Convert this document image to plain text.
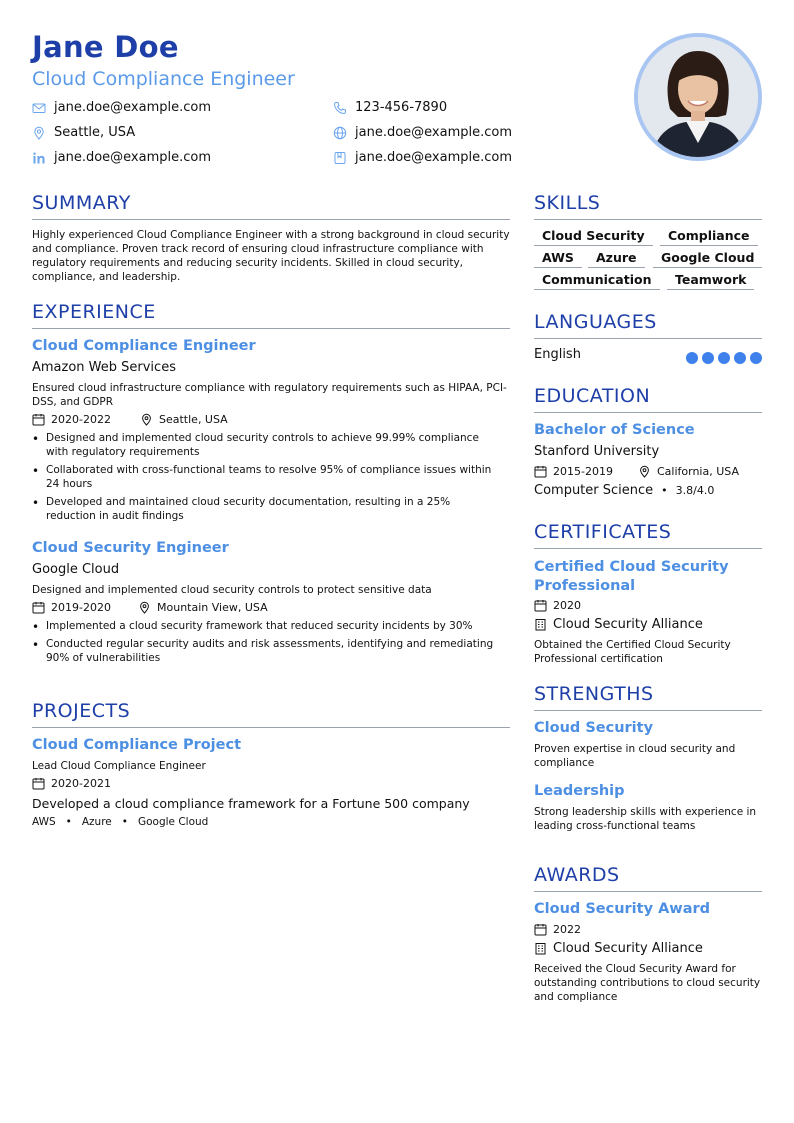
Jane Doe
Cloud Compliance Engineer
jane.doe@example.com	123-456-7890
Seattle, USA	jane.doe@example.com
jane.doe@example.com	jane.doe@example.com
SUMMARY
Highly experienced Cloud Compliance Engineer with a strong background in cloud security and compliance. Proven track record of ensuring cloud infrastructure compliance with regulatory requirements and reducing security incidents. Skilled in cloud security, compliance, and leadership.
EXPERIENCE
Cloud Compliance Engineer
Amazon Web Services
Ensured cloud infrastructure compliance with regulatory requirements such as HIPAA, PCI-DSS, and GDPR
2020-2022	Seattle, USA
• Designed and implemented cloud security controls to achieve 99.99% compliance with regulatory requirements
• Collaborated with cross-functional teams to resolve 95% of compliance issues within 24 hours
• Developed and maintained cloud security documentation, resulting in a 25% reduction in audit findings
Cloud Security Engineer
Google Cloud
Designed and implemented cloud security controls to protect sensitive data
2019-2020	Mountain View, USA
• Implemented a cloud security framework that reduced security incidents by 30%
• Conducted regular security audits and risk assessments, identifying and remediating 90% of vulnerabilities
PROJECTS
Cloud Compliance Project
Lead Cloud Compliance Engineer
2020-2021
Developed a cloud compliance framework for a Fortune 500 company
AWS • Azure • Google Cloud
SKILLS
Cloud Security	Compliance
AWS	Azure	Google Cloud
Communication	Teamwork
LANGUAGES
English
EDUCATION
Bachelor of Science
Stanford University
2015-2019	California, USA
Computer Science • 3.8/4.0
CERTIFICATES
Certified Cloud Security Professional
2020
Cloud Security Alliance
Obtained the Certified Cloud Security Professional certification
STRENGTHS
Cloud Security
Proven expertise in cloud security and compliance
Leadership
Strong leadership skills with experience in leading cross-functional teams
AWARDS
Cloud Security Award
2022
Cloud Security Alliance
Received the Cloud Security Award for outstanding contributions to cloud security and compliance
